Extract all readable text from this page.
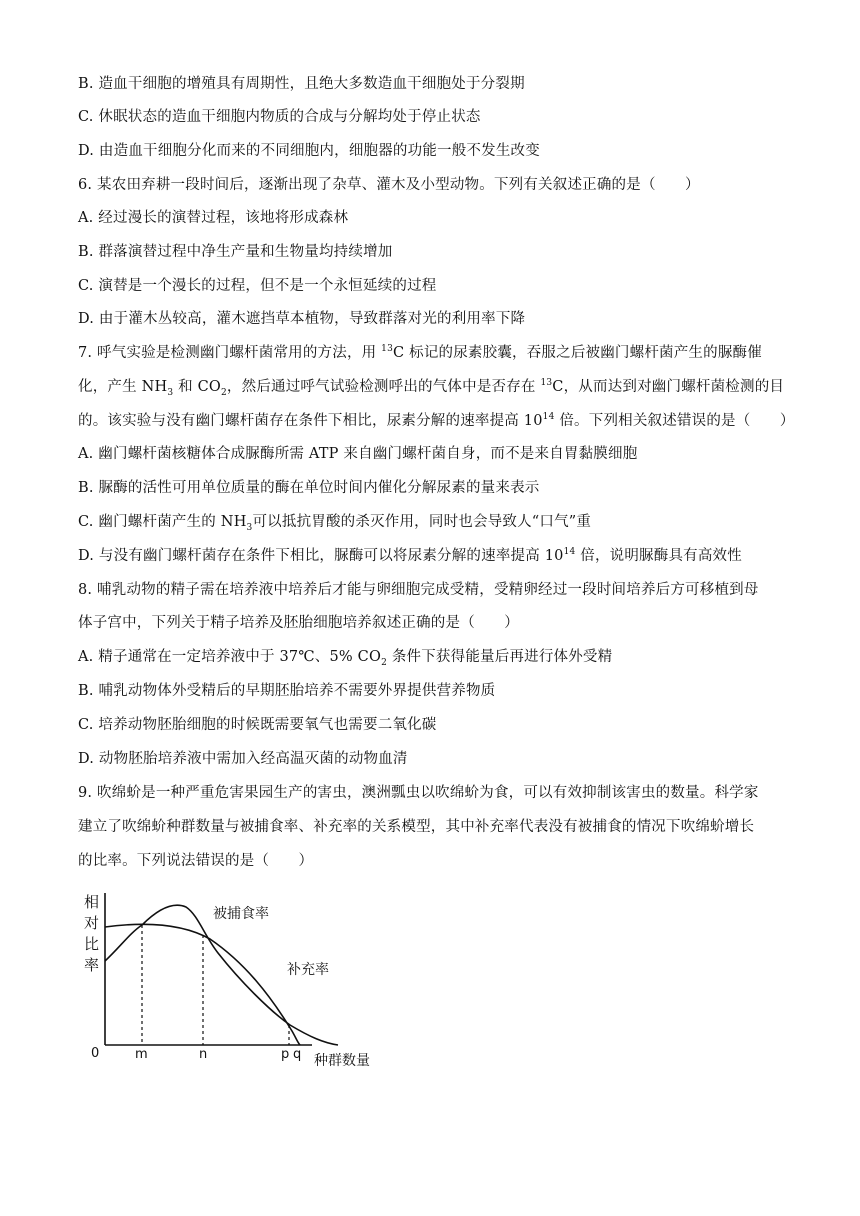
B. 造血干细胞的增殖具有周期性，且绝大多数造血干细胞处于分裂期
C. 休眠状态的造血干细胞内物质的合成与分解均处于停止状态
D. 由造血干细胞分化而来的不同细胞内，细胞器的功能一般不发生改变
6. 某农田弃耕一段时间后，逐渐出现了杂草、灌木及小型动物。下列有关叙述正确的是（　　）
A. 经过漫长的演替过程，该地将形成森林
B. 群落演替过程中净生产量和生物量均持续增加
C. 演替是一个漫长的过程，但不是一个永恒延续的过程
D. 由于灌木丛较高，灌木遮挡草本植物，导致群落对光的利用率下降
7. 呼气实验是检测幽门螺杆菌常用的方法，用 $^{13}$C 标记的尿素胶囊，吞服之后被幽门螺杆菌产生的脲酶催
化，产生 $NH_3$ 和 $CO_2$，然后通过呼气试验检测呼出的气体中是否存在 $^{13}$C，从而达到对幽门螺杆菌检测的目
的。该实验与没有幽门螺杆菌存在条件下相比，尿素分解的速率提高 $10^{14}$ 倍。下列相关叙述错误的是（　　）
A. 幽门螺杆菌核糖体合成脲酶所需 ATP 来自幽门螺杆菌自身，而不是来自胃黏膜细胞
B. 脲酶的活性可用单位质量的酶在单位时间内催化分解尿素的量来表示
C. 幽门螺杆菌产生的 $NH_3$可以抵抗胃酸的杀灭作用，同时也会导致人“口气”重
D. 与没有幽门螺杆菌存在条件下相比，脲酶可以将尿素分解的速率提高 $10^{14}$ 倍，说明脲酶具有高效性
8. 哺乳动物的精子需在培养液中培养后才能与卵细胞完成受精，受精卵经过一段时间培养后方可移植到母
体子宫中，下列关于精子培养及胚胎细胞培养叙述正确的是（　　）
A. 精子通常在一定培养液中于 37℃、5% $CO_2$ 条件下获得能量后再进行体外受精
B. 哺乳动物体外受精后的早期胚胎培养不需要外界提供营养物质
C. 培养动物胚胎细胞的时候既需要氧气也需要二氧化碳
D. 动物胚胎培养液中需加入经高温灭菌的动物血清
9. 吹绵蚧是一种严重危害果园生产的害虫，澳洲瓢虫以吹绵蚧为食，可以有效抑制该害虫的数量。科学家
建立了吹绵蚧种群数量与被捕食率、补充率的关系模型，其中补充率代表没有被捕食的情况下吹绵蚧增长
的比率。下列说法错误的是（　　）
相
对
比
率
0	m	n	p q 种群数量
被捕食率
补充率
